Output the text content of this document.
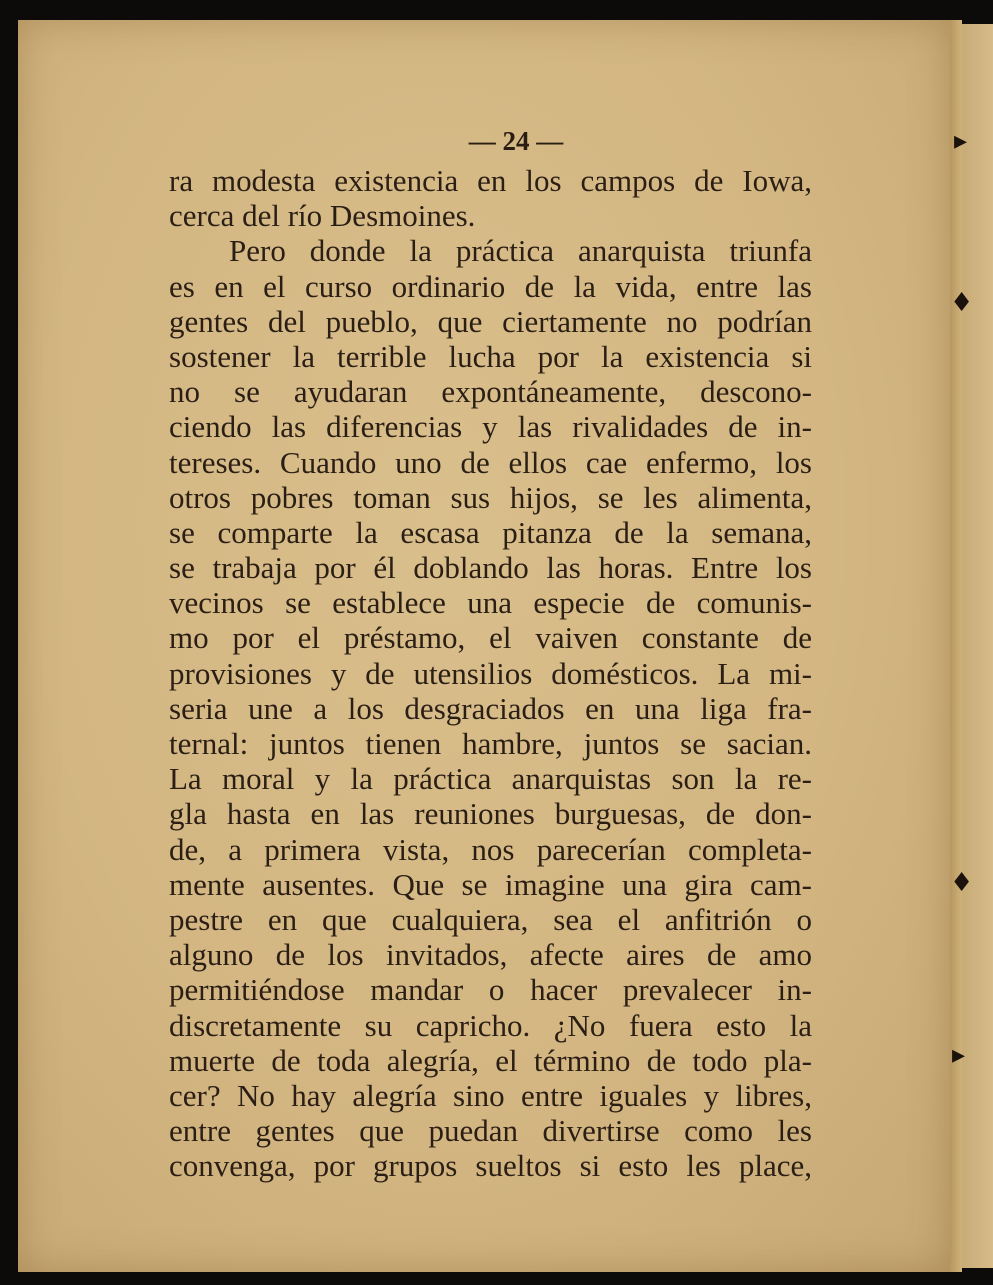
— 24 —	▸
♦
♦
▸
ra modesta existencia en los campos de Iowa,
cerca del río Desmoines.
Pero donde la práctica anarquista triunfa
es en el curso ordinario de la vida, entre las
gentes del pueblo, que ciertamente no podrían
sostener la terrible lucha por la existencia si
no se ayudaran expontáneamente, descono-
ciendo las diferencias y las rivalidades de in-
tereses. Cuando uno de ellos cae enfermo, los
otros pobres toman sus hijos, se les alimenta,
se comparte la escasa pitanza de la semana,
se trabaja por él doblando las horas. Entre los
vecinos se establece una especie de comunis-
mo por el préstamo, el vaiven constante de
provisiones y de utensilios domésticos. La mi-
seria une a los desgraciados en una liga fra-
ternal: juntos tienen hambre, juntos se sacian.
La moral y la práctica anarquistas son la re-
gla hasta en las reuniones burguesas, de don-
de, a primera vista, nos parecerían completa-
mente ausentes. Que se imagine una gira cam-
pestre en que cualquiera, sea el anfitrión o
alguno de los invitados, afecte aires de amo
permitiéndose mandar o hacer prevalecer in-
discretamente su capricho. ¿No fuera esto la
muerte de toda alegría, el término de todo pla-
cer? No hay alegría sino entre iguales y libres,
entre gentes que puedan divertirse como les
convenga, por grupos sueltos si esto les place,
